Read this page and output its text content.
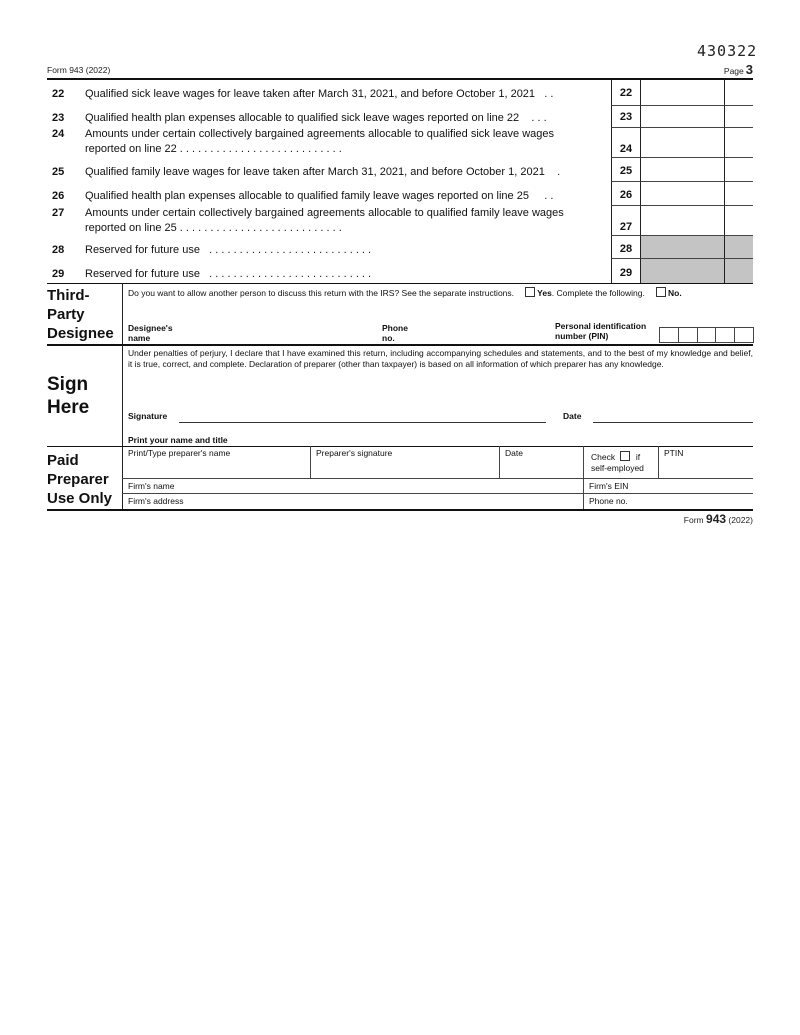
430322
Form 943 (2022)	Page 3
22 Qualified sick leave wages for leave taken after March 31, 2021, and before October 1, 2021 . .	22
23 Qualified health plan expenses allocable to qualified sick leave wages reported on line 22 . . .	23
24 Amounts under certain collectively bargained agreements allocable to qualified sick leave wages
reported on line 22 . . . . . . . . . . . . . . . . . . . . . . . . . . .	24
25 Qualified family leave wages for leave taken after March 31, 2021, and before October 1, 2021 .	25
26 Qualified health plan expenses allocable to qualified family leave wages reported on line 25 . .	26
27 Amounts under certain collectively bargained agreements allocable to qualified family leave wages
reported on line 25 . . . . . . . . . . . . . . . . . . . . . . . . . . .	27
28 Reserved for future use . . . . . . . . . . . . . . . . . . . . . . . . . . .	28
29 Reserved for future use . . . . . . . . . . . . . . . . . . . . . . . . . . .	29
Third-
Party
Designee
Do you want to allow another person to discuss this return with the IRS? See the separate instructions.	Yes. Complete the following.	No.
Designee's
name
Phone
no.
Personal identification
number (PIN)
Sign
Here
Under penalties of perjury, I declare that I have examined this return, including accompanying schedules and statements, and to the best of my knowledge and belief, it is true, correct, and complete. Declaration of preparer (other than taxpayer) is based on all information of which preparer has any knowledge.
Signature	Date
Print your name and title
Paid
Preparer
Use Only
Print/Type preparer's name	Preparer's signature	Date	Check if
self-employed
PTIN
Firm's name	Firm's EIN
Firm's address	Phone no.
Form 943 (2022)
